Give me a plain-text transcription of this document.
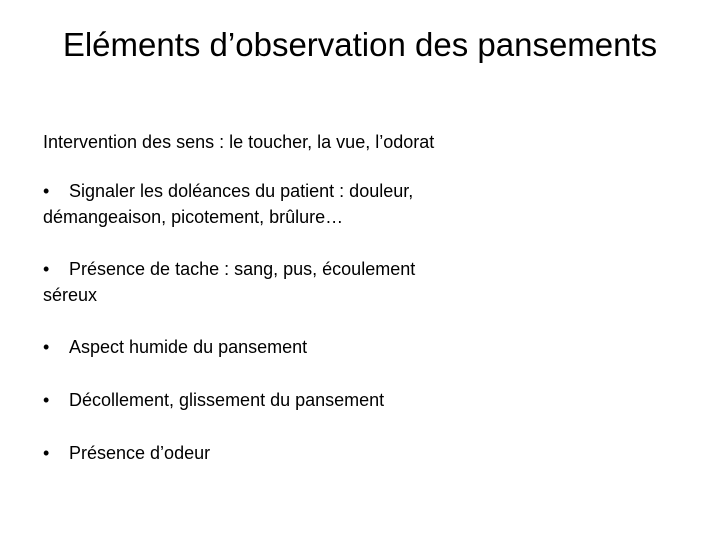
Eléments d’observation des pansements

Intervention des sens : le toucher, la vue, l’odorat

• Signaler les doléances du patient : douleur, démangeaison, picotement, brûlure…
• Présence de tache : sang, pus, écoulement séreux
• Aspect humide du pansement
• Décollement, glissement du pansement
• Présence d’odeur
